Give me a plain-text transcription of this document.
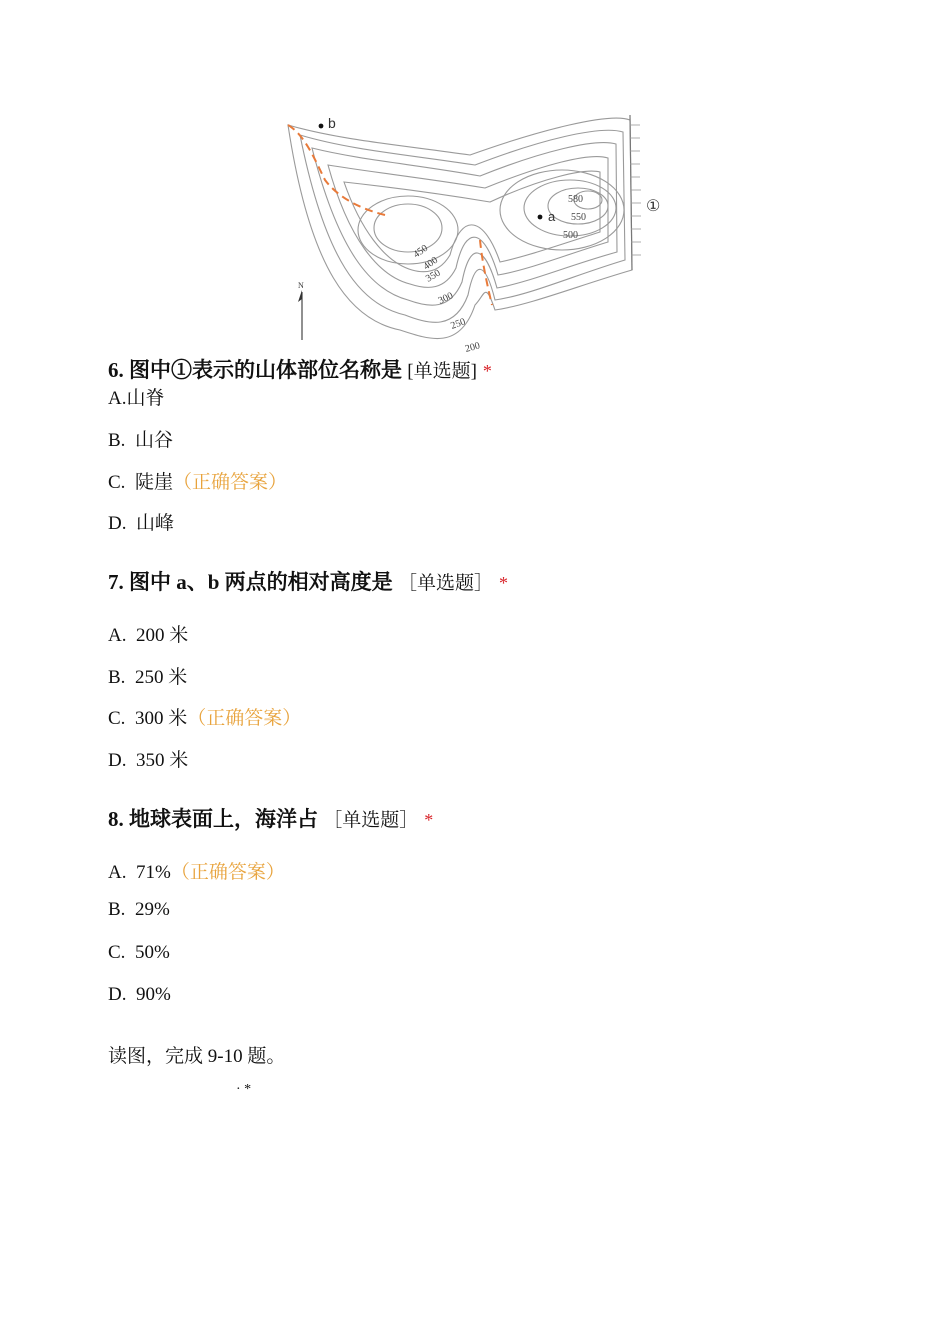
b
a
①
580
550
500
450
400
350
300
250
200
N
6. 图中①表示的山体部位名称是 [单选题] *
A.山脊
B. 山谷
C. 陡崖（正确答案）
D. 山峰
7. 图中 a、b 两点的相对高度是 ［单选题］ *
A. 200 米
B. 250 米
C. 300 米（正确答案）
D. 350 米
8. 地球表面上，海洋占 ［单选题］ *
A. 71%（正确答案）
B. 29%
C. 50%
D. 90%
读图，完成 9-10 题。
· *
